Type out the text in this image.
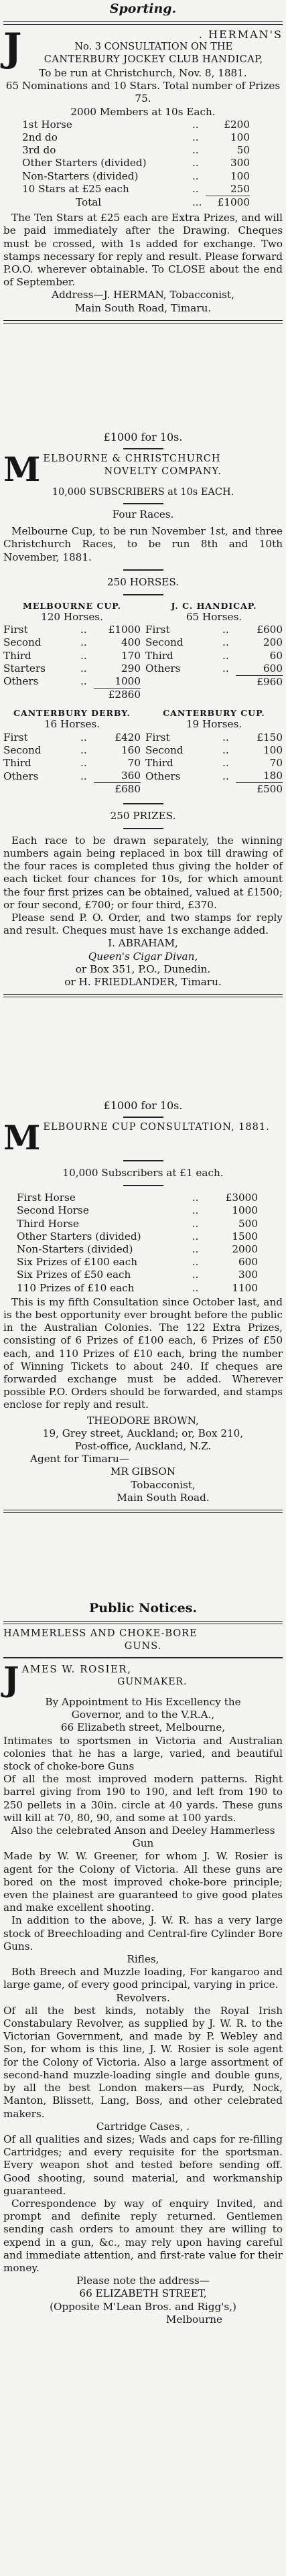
Sporting.
J	. HERMAN'S
No. 3 CONSULTATION ON THE
CANTERBURY JOCKEY CLUB HANDICAP,

To be run at Christchurch, Nov. 8, 1881.

65 Nominations and 10 Stars. Total number of Prizes 75.

2000 Members at 10s Each.

1st Horse	..	£200
2nd do	..	100
3rd do	..	50
Other Starters (divided)	..	300
Non-Starters (divided)	..	100
10 Stars at £25 each	..	250
Total	...	£1000

The Ten Stars at £25 each are Extra Prizes, and will be paid immediately after the Drawing. Cheques must be crossed, with 1s added for exchange. Two stamps necessary for reply and result. Please forward P.O.O. wherever obtainable. To CLOSE about the end of September.

Address—J. HERMAN, Tobacconist,

Main South Road, Timaru.

£1000 for 10s.
M ELBOURNE & CHRISTCHURCH
NOVELTY COMPANY.
10,000 SUBSCRIBERS at 10s EACH.

Four Races.

Melbourne Cup, to be run November 1st, and three Christchurch Races, to be run 8th and 10th November, 1881.

250 HORSES.

MELBOURNE CUP.
120 Horses.
First	..	£1000
Second	..	400
Third	..	170
Starters	..	290
Others	..	1000
		£2860
J. C. HANDICAP.
65 Horses.
First	..	£600
Second	..	200
Third	..	60
Others	..	600
		£960
CANTERBURY DERBY.
16 Horses.
First	..	£420
Second	..	160
Third	..	70
Others	..	360
		£680
CANTERBURY CUP.
19 Horses.
First	..	£150
Second	..	100
Third	..	70
Others	..	180
		£500

250 PRIZES.

Each race to be drawn separately, the winning numbers again being replaced in box till drawing of the four races is completed thus giving the holder of each ticket four chances for 10s, for which amount the four first prizes can be obtained, valued at £1500; or four second, £700; or four third, £370.

Please send P. O. Order, and two stamps for reply and result. Cheques must have 1s exchange added.

I. ABRAHAM,

Queen's Cigar Divan,

or Box 351, P.O., Dunedin.

or H. FRIEDLANDER, Timaru.

£1000 for 10s.
M ELBOURNE CUP CONSULTATION, 1881.

10,000 Subscribers at £1 each.

First Horse	..	£3000
Second Horse	..	1000
Third Horse	..	500
Other Starters (divided)	..	1500
Non-Starters (divided)	..	2000
Six Prizes of £100 each	..	600
Six Prizes of £50 each	..	300
110 Prizes of £10 each	..	1100

This is my fifth Consultation since October last, and is the best opportunity ever brought before the public in the Australian Colonies. The 122 Extra Prizes, consisting of 6 Prizes of £100 each, 6 Prizes of £50 each, and 110 Prizes of £10 each, bring the number of Winning Tickets to about 240. If cheques are forwarded exchange must be added. Wherever possible P.O. Orders should be forwarded, and stamps enclose for reply and result.

THEODORE BROWN,

19, Grey street, Auckland; or, Box 210,

Post-office, Auckland, N.Z.

Agent for Timaru—

MR GIBSON

Tobacconist,

Main South Road.

Public Notices.
HAMMERLESS AND CHOKE-BORE
GUNS.
J AMES W. ROSIER,
GUNMAKER.

By Appointment to His Excellency the

Governor, and to the V.R.A.,

66 Elizabeth street, Melbourne,

Intimates to sportsmen in Victoria and Australian colonies that he has a large, varied, and beautiful stock of choke-bore Guns

Of all the most improved modern patterns. Right barrel giving from 190 to 190, and left from 190 to 250 pellets in a 30in. circle at 40 yards. These guns will kill at 70, 80, 90, and some at 100 yards.

Also the celebrated Anson and Deeley Hammerless Gun

Made by W. W. Greener, for whom J. W. Rosier is agent for the Colony of Victoria. All these guns are bored on the most improved choke-bore principle; even the plainest are guaranteed to give good plates and make excellent shooting.

In addition to the above, J. W. R. has a very large stock of Breechloading and Central-fire Cylinder Bore Guns.

Rifles,

Both Breech and Muzzle loading, For kangaroo and large game, of every good principal, varying in price.

Revolvers.

Of all the best kinds, notably the Royal Irish Constabulary Revolver, as supplied by J. W. R. to the Victorian Government, and made by P. Webley and Son, for whom is this line, J. W. Rosier is sole agent for the Colony of Victoria. Also a large assortment of second-hand muzzle-loading single and double guns, by all the best London makers—as Purdy, Nock, Manton, Blissett, Lang, Boss, and other celebrated makers.

Cartridge Cases, .

Of all qualities and sizes; Wads and caps for re-filling Cartridges; and every requisite for the sportsman. Every weapon shot and tested before sending off. Good shooting, sound material, and workmanship guaranteed.

Correspondence by way of enquiry Invited, and prompt and definite reply returned. Gentlemen sending cash orders to amount they are willing to expend in a gun, &c., may rely upon having careful and immediate attention, and first-rate value for their money.

Please note the address—

66 ELIZABETH STREET,

(Opposite M'Lean Bros. and Rigg's,)

Melbourne
